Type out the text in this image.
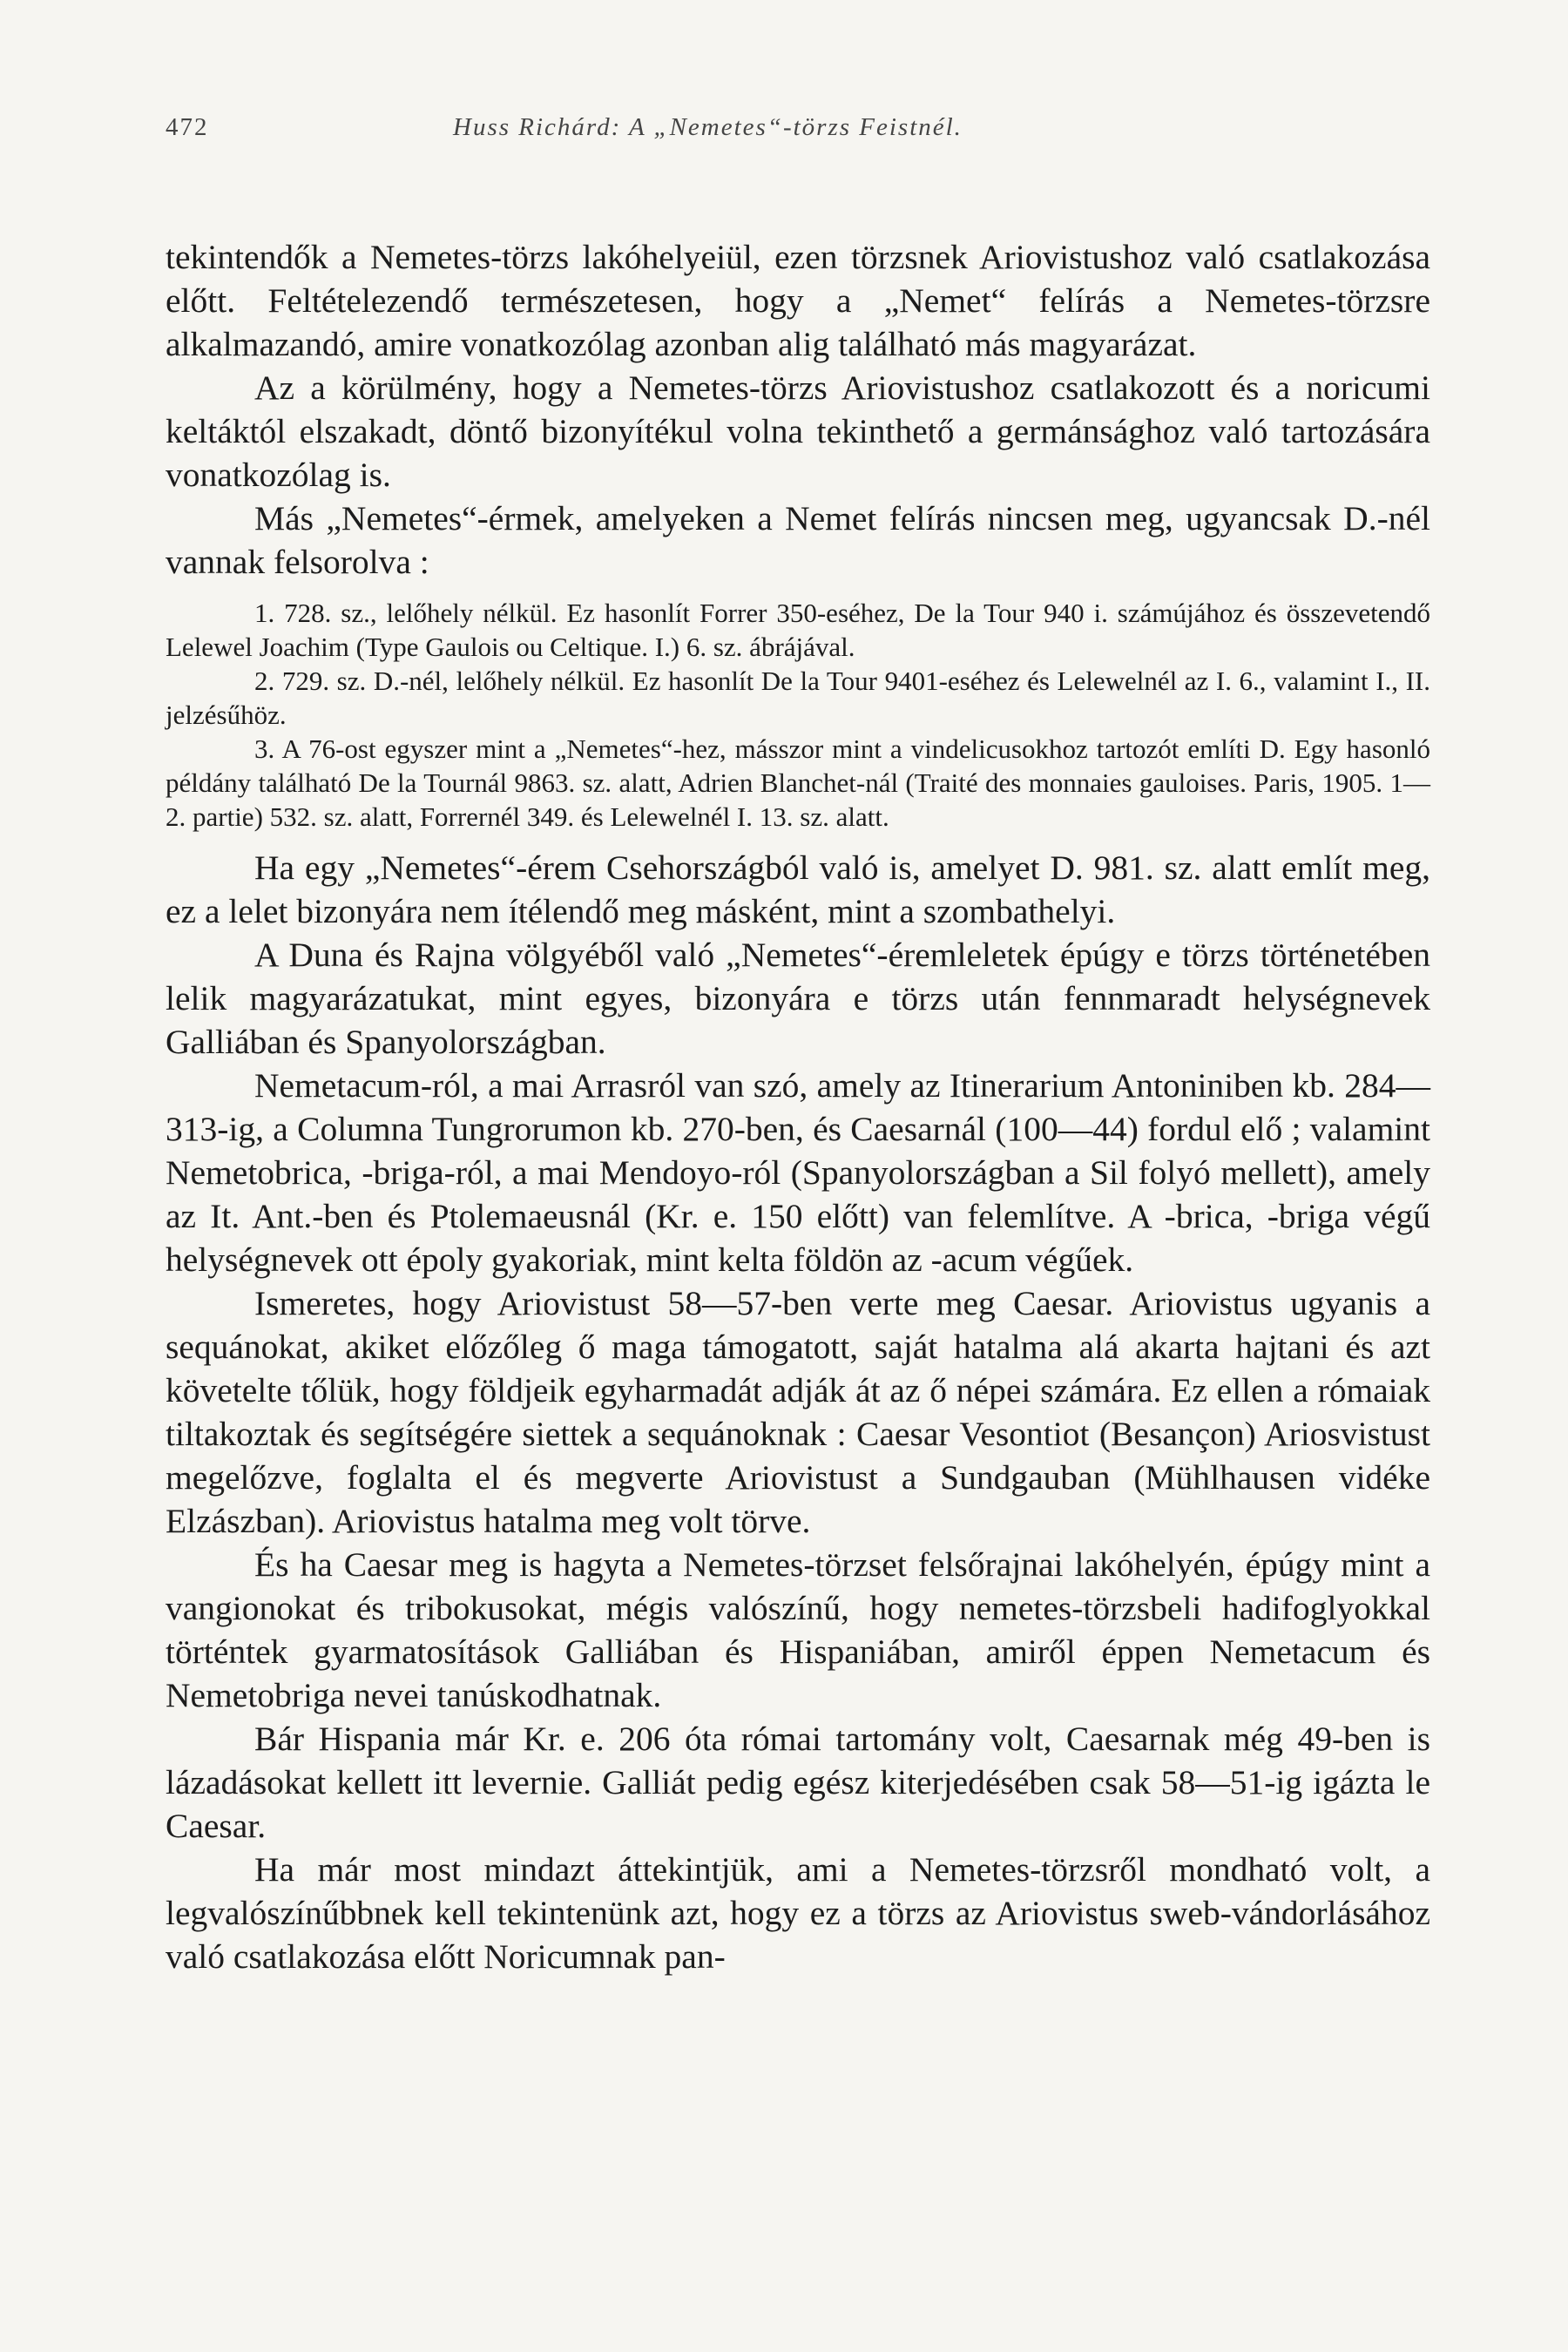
472	Huss Richárd: A „Nemetes“-törzs Feistnél.

tekintendők a Nemetes-törzs lakóhelyeiül, ezen törzsnek Ariovistushoz való csatlakozása előtt. Feltételezendő természetesen, hogy a „Nemet“ felírás a Nemetes-törzsre alkalmazandó, amire vonatkozólag azonban alig található más magyarázat.

Az a körülmény, hogy a Nemetes-törzs Ariovistushoz csatlakozott és a noricumi keltáktól elszakadt, döntő bizonyítékul volna tekinthető a germánsághoz való tartozására vonatkozólag is.

Más „Nemetes“-érmek, amelyeken a Nemet felírás nincsen meg, ugyancsak D.-nél vannak felsorolva :

1. 728. sz., lelőhely nélkül. Ez hasonlít Forrer 350-eséhez, De la Tour 940 i. számújához és összevetendő Lelewel Joachim (Type Gaulois ou Celtique. I.) 6. sz. ábrájával.

2. 729. sz. D.-nél, lelőhely nélkül. Ez hasonlít De la Tour 9401-eséhez és Lelewelnél az I. 6., valamint I., II. jelzésűhöz.

3. A 76-ost egyszer mint a „Nemetes“-hez, másszor mint a vindelicusokhoz tartozót említi D. Egy hasonló példány található De la Tournál 9863. sz. alatt, Adrien Blanchet-nál (Traité des monnaies gauloises. Paris, 1905. 1—2. partie) 532. sz. alatt, Forrernél 349. és Lelewelnél I. 13. sz. alatt.

Ha egy „Nemetes“-érem Csehországból való is, amelyet D. 981. sz. alatt említ meg, ez a lelet bizonyára nem ítélendő meg másként, mint a szombathelyi.

A Duna és Rajna völgyéből való „Nemetes“-éremleletek épúgy e törzs történetében lelik magyarázatukat, mint egyes, bizonyára e törzs után fennmaradt helységnevek Galliában és Spanyolországban.

Nemetacum-ról, a mai Arrasról van szó, amely az Itinerarium Antoniniben kb. 284—313-ig, a Columna Tungrorumon kb. 270-ben, és Caesarnál (100—44) fordul elő ; valamint Nemetobrica, -briga-ról, a mai Mendoyo-ról (Spanyolországban a Sil folyó mellett), amely az It. Ant.-ben és Ptolemaeusnál (Kr. e. 150 előtt) van felemlítve. A -brica, -briga végű helységnevek ott époly gyakoriak, mint kelta földön az -acum végűek.

Ismeretes, hogy Ariovistust 58—57-ben verte meg Caesar. Ariovistus ugyanis a sequánokat, akiket előzőleg ő maga támogatott, saját hatalma alá akarta hajtani és azt követelte tőlük, hogy földjeik egyharmadát adják át az ő népei számára. Ez ellen a rómaiak tiltakoztak és segítségére siettek a sequánoknak : Caesar Vesontiot (Besançon) Ariosvistust megelőzve, foglalta el és megverte Ariovistust a Sundgauban (Mühlhausen vidéke Elzászban). Ariovistus hatalma meg volt törve.

És ha Caesar meg is hagyta a Nemetes-törzset felsőrajnai lakóhelyén, épúgy mint a vangionokat és tribokusokat, mégis valószínű, hogy nemetes-törzsbeli hadifoglyokkal történtek gyarmatosítások Galliában és Hispaniában, amiről éppen Nemetacum és Nemetobriga nevei tanúskodhatnak.

Bár Hispania már Kr. e. 206 óta római tartomány volt, Caesarnak még 49-ben is lázadásokat kellett itt levernie. Galliát pedig egész kiterjedésében csak 58—51-ig igázta le Caesar.

Ha már most mindazt áttekintjük, ami a Nemetes-törzsről mondható volt, a legvalószínűbbnek kell tekintenünk azt, hogy ez a törzs az Ariovistus sweb-vándorlásához való csatlakozása előtt Noricumnak pan-
